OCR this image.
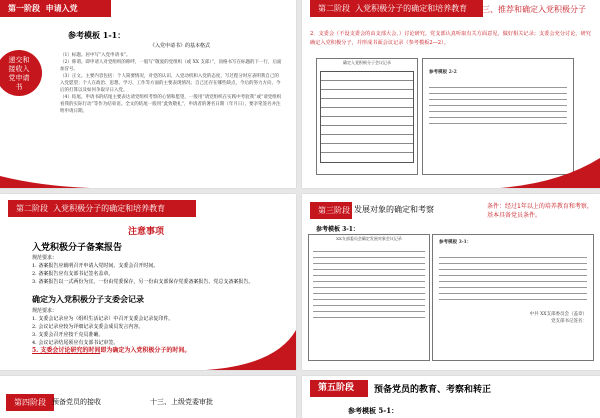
第一阶段 申请入党
参考模板 1-1：
递交和
接收入
党申请
书
《入党申请书》的基本格式
（1）标题。居中写“入党申请书”。
（2）称谓。即申请人对党组织的称呼，一般写“敬爱的党组织（或 XX 支部）”，顶格书写在标题的下一行，后面加冒号。
（3）正文。主要内容包括：个人简要情况，对党的认识、入党动机和入党的态度，写过程分时应表明我自己的入党愿望；个人在政治、思想、学习、工作等方面的主要表现情况；自己还存在哪些缺点，今后的努力方向，今后的打算以及如何争取早日入党。
（4）结尾。申请书的结尾主要表达请党组织考察的心情和愿望，一般用“请党组织在实践中考验我”或“请党组织看我的实际行动”等作为结束语。全文的结尾一般用“此致敬礼”，申请者的署名日期（年月日），要亲笔签名并注明申请日期。
第二阶段 入党积极分子的确定和培养教育	三、推荐和确定入党积极分子
2．支委会（不设支委会的由支部大会，）讨论研究。党支部认真听取有关方面意见，做好相关记录；支委会充分讨论，研究确定入党积极分子，并形成书面会议记录（参考模板2—2）。
确定入党积极分子会议记录
参考模板 2-2
第二阶段 入党积极分子的确定和培养教育
注意事项
入党积极分子备案报告
规范要求：
1. 备案报告应载明召开申请入党时间、支委会召开时间。
2. 备案报告应有支部书记签名盖章。
3. 备案报告以一式两份为宜，一份由党委保存，另一份由支部保存党委备案报告、党总支备案报告。
确定为入党积极分子支委会记录
规范要求：
1. 支委会记录应为（组织生活记录）中召开支委会记录复印件。
2. 会议记录应较为详细记录支委会成员发言内容。
3. 支委会召开应按千克员准确。
4. 会议记录结尾须应有支部书记审签。
5. 支委会讨论研究的时间即为确定为入党积极分子的时间。
第三阶段 发展对象的确定和考察
参考模板 3-1：
条件：经过1年以上的培养教育和考察，基本具备党员条件。
XX支部委员会确定发展对象会议记录
参考模板 3-1：
中共 XX支部委员会（盖章）
党支部书记签名：
第四阶段 预备党员的接收	十三、上级党委审批
第五阶段	预备党员的教育、考察和转正
参考模板 5-1：
